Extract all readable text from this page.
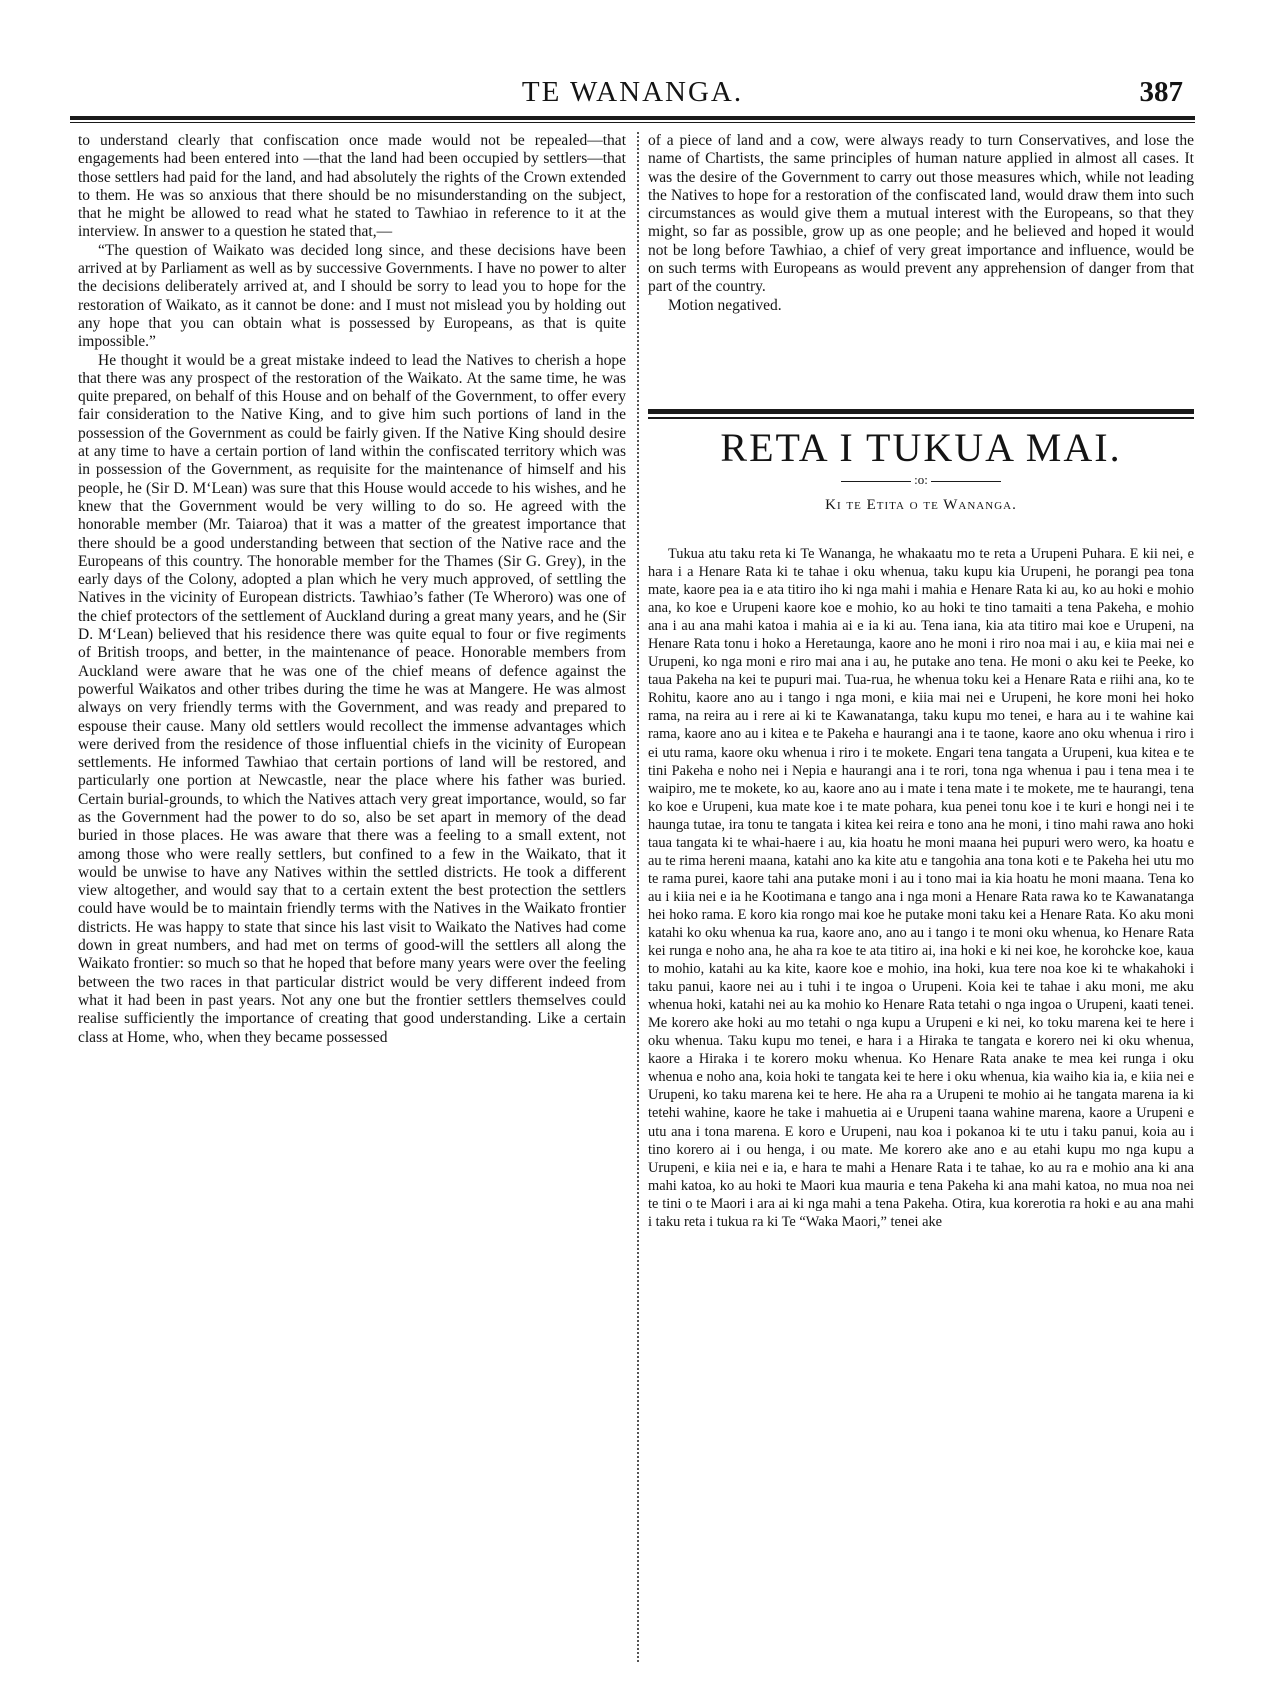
TE WANANGA.	387

to understand clearly that confiscation once made would not be repealed—that engagements had been entered into —that the land had been occupied by settlers—that those settlers had paid for the land, and had absolutely the rights of the Crown extended to them. He was so anxious that there should be no misunderstanding on the subject, that he might be allowed to read what he stated to Tawhiao in reference to it at the interview. In answer to a question he stated that,—

“The question of Waikato was decided long since, and these decisions have been arrived at by Parliament as well as by successive Governments. I have no power to alter the decisions deliberately arrived at, and I should be sorry to lead you to hope for the restoration of Waikato, as it cannot be done: and I must not mislead you by holding out any hope that you can obtain what is possessed by Europeans, as that is quite impossible.”

He thought it would be a great mistake indeed to lead the Natives to cherish a hope that there was any prospect of the restoration of the Waikato. At the same time, he was quite prepared, on behalf of this House and on behalf of the Government, to offer every fair consideration to the Native King, and to give him such portions of land in the possession of the Government as could be fairly given. If the Native King should desire at any time to have a certain portion of land within the confiscated territory which was in possession of the Government, as requisite for the maintenance of himself and his people, he (Sir D. M‘Lean) was sure that this House would accede to his wishes, and he knew that the Government would be very willing to do so. He agreed with the honorable member (Mr. Taiaroa) that it was a matter of the greatest importance that there should be a good understanding between that section of the Native race and the Europeans of this country. The honorable member for the Thames (Sir G. Grey), in the early days of the Colony, adopted a plan which he very much approved, of settling the Natives in the vicinity of European districts. Tawhiao’s father (Te Wheroro) was one of the chief protectors of the settlement of Auckland during a great many years, and he (Sir D. M‘Lean) believed that his residence there was quite equal to four or five regiments of British troops, and better, in the maintenance of peace. Honorable members from Auckland were aware that he was one of the chief means of defence against the powerful Waikatos and other tribes during the time he was at Mangere. He was almost always on very friendly terms with the Government, and was ready and prepared to espouse their cause. Many old settlers would recollect the immense advantages which were derived from the residence of those influential chiefs in the vicinity of European settlements. He informed Tawhiao that certain portions of land will be restored, and particularly one portion at Newcastle, near the place where his father was buried. Certain burial-grounds, to which the Natives attach very great importance, would, so far as the Government had the power to do so, also be set apart in memory of the dead buried in those places. He was aware that there was a feeling to a small extent, not among those who were really settlers, but confined to a few in the Waikato, that it would be unwise to have any Natives within the settled districts. He took a different view altogether, and would say that to a certain extent the best protection the settlers could have would be to maintain friendly terms with the Natives in the Waikato frontier districts. He was happy to state that since his last visit to Waikato the Natives had come down in great numbers, and had met on terms of good-will the settlers all along the Waikato frontier: so much so that he hoped that before many years were over the feeling between the two races in that particular district would be very different indeed from what it had been in past years. Not any one but the frontier settlers themselves could realise sufficiently the importance of creating that good understanding. Like a certain class at Home, who, when they became possessed

of a piece of land and a cow, were always ready to turn Conservatives, and lose the name of Chartists, the same principles of human nature applied in almost all cases. It was the desire of the Government to carry out those measures which, while not leading the Natives to hope for a restoration of the confiscated land, would draw them into such circumstances as would give them a mutual interest with the Europeans, so that they might, so far as possible, grow up as one people; and he believed and hoped it would not be long before Tawhiao, a chief of very great importance and influence, would be on such terms with Europeans as would prevent any apprehension of danger from that part of the country.

Motion negatived.

RETA I TUKUA MAI.
:o:
Ki te Etita o te Wananga.

Tukua atu taku reta ki Te Wananga, he whakaatu mo te reta a Urupeni Puhara. E kii nei, e hara i a Henare Rata ki te tahae i oku whenua, taku kupu kia Urupeni, he porangi pea tona mate, kaore pea ia e ata titiro iho ki nga mahi i mahia e Henare Rata ki au, ko au hoki e mohio ana, ko koe e Urupeni kaore koe e mohio, ko au hoki te tino tamaiti a tena Pakeha, e mohio ana i au ana mahi katoa i mahia ai e ia ki au. Tena iana, kia ata titiro mai koe e Urupeni, na Henare Rata tonu i hoko a Heretaunga, kaore ano he moni i riro noa mai i au, e kiia mai nei e Urupeni, ko nga moni e riro mai ana i au, he putake ano tena. He moni o aku kei te Peeke, ko taua Pakeha na kei te pupuri mai. Tua-rua, he whenua toku kei a Henare Rata e riihi ana, ko te Rohitu, kaore ano au i tango i nga moni, e kiia mai nei e Urupeni, he kore moni hei hoko rama, na reira au i rere ai ki te Kawanatanga, taku kupu mo tenei, e hara au i te wahine kai rama, kaore ano au i kitea e te Pakeha e haurangi ana i te taone, kaore ano oku whenua i riro i ei utu rama, kaore oku whenua i riro i te mokete. Engari tena tangata a Urupeni, kua kitea e te tini Pakeha e noho nei i Nepia e haurangi ana i te rori, tona nga whenua i pau i tena mea i te waipiro, me te mokete, ko au, kaore ano au i mate i tena mate i te mokete, me te haurangi, tena ko koe e Urupeni, kua mate koe i te mate pohara, kua penei tonu koe i te kuri e hongi nei i te haunga tutae, ira tonu te tangata i kitea kei reira e tono ana he moni, i tino mahi rawa ano hoki taua tangata ki te whai-haere i au, kia hoatu he moni maana hei pupuri wero wero, ka hoatu e au te rima hereni maana, katahi ano ka kite atu e tangohia ana tona koti e te Pakeha hei utu mo te rama purei, kaore tahi ana putake moni i au i tono mai ia kia hoatu he moni maana. Tena ko au i kiia nei e ia he Kootimana e tango ana i nga moni a Henare Rata rawa ko te Kawanatanga hei hoko rama. E koro kia rongo mai koe he putake moni taku kei a Henare Rata. Ko aku moni katahi ko oku whenua ka rua, kaore ano, ano au i tango i te moni oku whenua, ko Henare Rata kei runga e noho ana, he aha ra koe te ata titiro ai, ina hoki e ki nei koe, he korohcke koe, kaua to mohio, katahi au ka kite, kaore koe e mohio, ina hoki, kua tere noa koe ki te whakahoki i taku panui, kaore nei au i tuhi i te ingoa o Urupeni. Koia kei te tahae i aku moni, me aku whenua hoki, katahi nei au ka mohio ko Henare Rata tetahi o nga ingoa o Urupeni, kaati tenei. Me korero ake hoki au mo tetahi o nga kupu a Urupeni e ki nei, ko toku marena kei te here i oku whenua. Taku kupu mo tenei, e hara i a Hiraka te tangata e korero nei ki oku whenua, kaore a Hiraka i te korero moku whenua. Ko Henare Rata anake te mea kei runga i oku whenua e noho ana, koia hoki te tangata kei te here i oku whenua, kia waiho kia ia, e kiia nei e Urupeni, ko taku marena kei te here. He aha ra a Urupeni te mohio ai he tangata marena ia ki tetehi wahine, kaore he take i mahuetia ai e Urupeni taana wahine marena, kaore a Urupeni e utu ana i tona marena. E koro e Urupeni, nau koa i pokanoa ki te utu i taku panui, koia au i tino korero ai i ou henga, i ou mate. Me korero ake ano e au etahi kupu mo nga kupu a Urupeni, e kiia nei e ia, e hara te mahi a Henare Rata i te tahae, ko au ra e mohio ana ki ana mahi katoa, ko au hoki te Maori kua mauria e tena Pakeha ki ana mahi katoa, no mua noa nei te tini o te Maori i ara ai ki nga mahi a tena Pakeha. Otira, kua korerotia ra hoki e au ana mahi i taku reta i tukua ra ki Te “Waka Maori,” tenei ake
